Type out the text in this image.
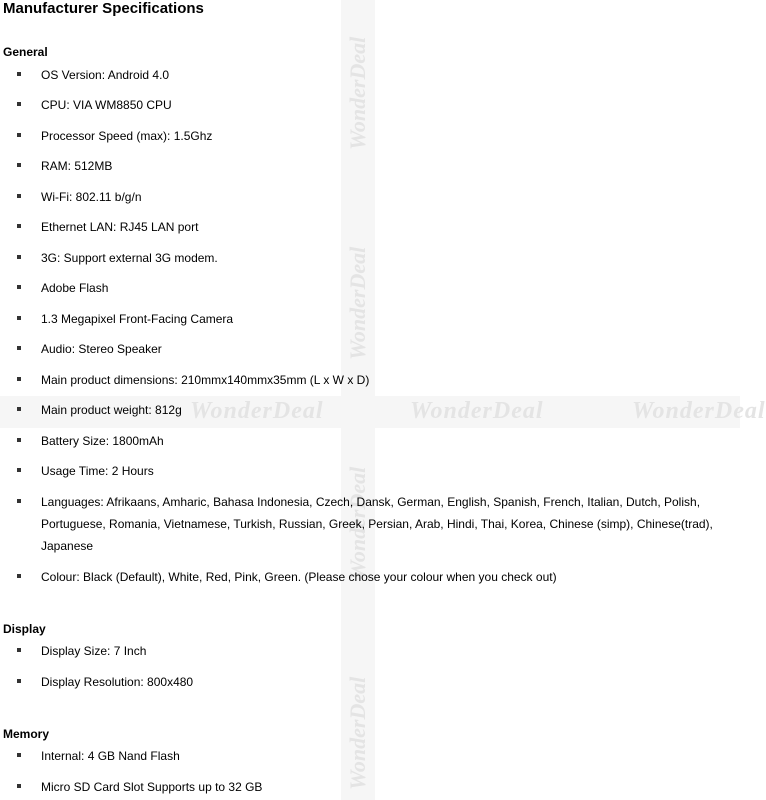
WonderDeal	WonderDeal	WonderDeal
WonderDeal
WonderDeal
WonderDeal
WonderDeal
Manufacturer Specifications
General
OS Version: Android 4.0
CPU: VIA WM8850 CPU
Processor Speed (max): 1.5Ghz
RAM: 512MB
Wi-Fi: 802.11 b/g/n
Ethernet LAN: RJ45 LAN port
3G: Support external 3G modem.
Adobe Flash
1.3 Megapixel Front-Facing Camera
Audio: Stereo Speaker
Main product dimensions: 210mmx140mmx35mm (L x W x D)
Main product weight: 812g
Battery Size: 1800mAh
Usage Time: 2 Hours
Languages: Afrikaans, Amharic, Bahasa Indonesia, Czech, Dansk, German, English, Spanish, French, Italian, Dutch, Polish, Portuguese, Romania, Vietnamese, Turkish, Russian, Greek, Persian, Arab, Hindi, Thai, Korea, Chinese (simp), Chinese(trad), Japanese
Colour: Black (Default), White, Red, Pink, Green. (Please chose your colour when you check out)
Display
Display Size: 7 Inch
Display Resolution: 800x480
Memory
Internal: 4 GB Nand Flash
Micro SD Card Slot Supports up to 32 GB
